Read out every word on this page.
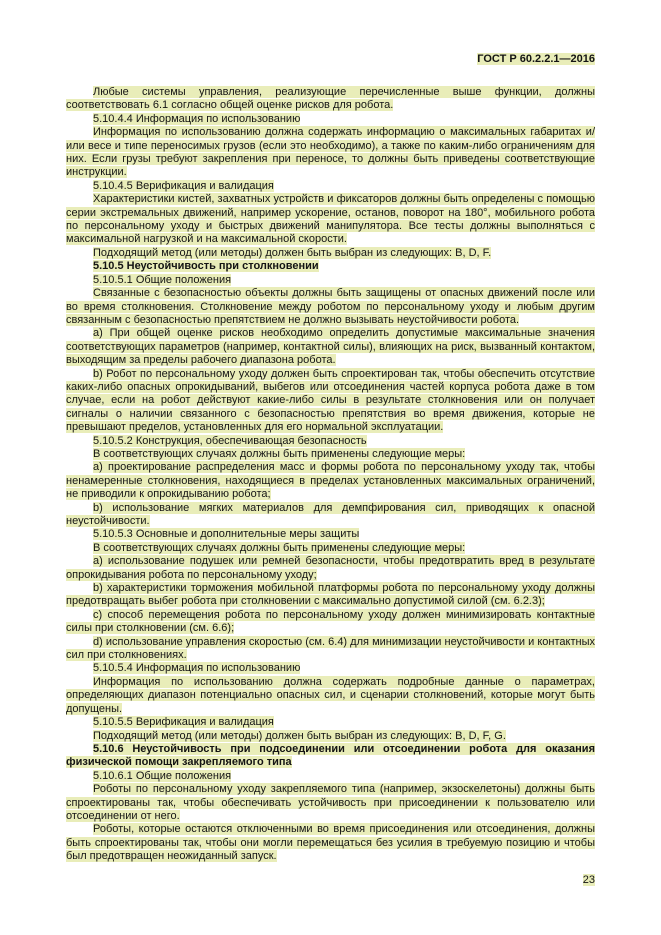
ГОСТ Р 60.2.2.1—2016

Любые системы управления, реализующие перечисленные выше функции, должны соответствовать 6.1 согласно общей оценке рисков для робота.

5.10.4.4 Информация по использованию

Информация по использованию должна содержать информацию о максимальных габаритах и/или весе и типе переносимых грузов (если это необходимо), а также по каким-либо ограничениям для них. Если грузы требуют закрепления при переносе, то должны быть приведены соответствующие инструкции.

5.10.4.5 Верификация и валидация

Характеристики кистей, захватных устройств и фиксаторов должны быть определены с помощью серии экстремальных движений, например ускорение, останов, поворот на 180°, мобильного робота по персональному уходу и быстрых движений манипулятора. Все тесты должны выполняться с максимальной нагрузкой и на максимальной скорости.

Подходящий метод (или методы) должен быть выбран из следующих: B, D, F.

5.10.5 Неустойчивость при столкновении

5.10.5.1 Общие положения

Связанные с безопасностью объекты должны быть защищены от опасных движений после или во время столкновения. Столкновение между роботом по персональному уходу и любым другим связанным с безопасностью препятствием не должно вызывать неустойчивости робота.

a) При общей оценке рисков необходимо определить допустимые максимальные значения соответствующих параметров (например, контактной силы), влияющих на риск, вызванный контактом, выходящим за пределы рабочего диапазона робота.

b) Робот по персональному уходу должен быть спроектирован так, чтобы обеспечить отсутствие каких-либо опасных опрокидываний, выбегов или отсоединения частей корпуса робота даже в том случае, если на робот действуют какие-либо силы в результате столкновения или он получает сигналы о наличии связанного с безопасностью препятствия во время движения, которые не превышают пределов, установленных для его нормальной эксплуатации.

5.10.5.2 Конструкция, обеспечивающая безопасность

В соответствующих случаях должны быть применены следующие меры:

a) проектирование распределения масс и формы робота по персональному уходу так, чтобы ненамеренные столкновения, находящиеся в пределах установленных максимальных ограничений, не приводили к опрокидыванию робота;

b) использование мягких материалов для демпфирования сил, приводящих к опасной неустойчивости.

5.10.5.3 Основные и дополнительные меры защиты

В соответствующих случаях должны быть применены следующие меры:

a) использование подушек или ремней безопасности, чтобы предотвратить вред в результате опрокидывания робота по персональному уходу;

b) характеристики торможения мобильной платформы робота по персональному уходу должны предотвращать выбег робота при столкновении с максимально допустимой силой (см. 6.2.3);

c) способ перемещения робота по персональному уходу должен минимизировать контактные силы при столкновении (см. 6.6);

d) использование управления скоростью (см. 6.4) для минимизации неустойчивости и контактных сил при столкновениях.

5.10.5.4 Информация по использованию

Информация по использованию должна содержать подробные данные о параметрах, определяющих диапазон потенциально опасных сил, и сценарии столкновений, которые могут быть допущены.

5.10.5.5 Верификация и валидация

Подходящий метод (или методы) должен быть выбран из следующих: B, D, F, G.

5.10.6 Неустойчивость при подсоединении или отсоединении робота для оказания физической помощи закрепляемого типа

5.10.6.1 Общие положения

Роботы по персональному уходу закрепляемого типа (например, экзоскелетоны) должны быть спроектированы так, чтобы обеспечивать устойчивость при присоединении к пользователю или отсоединении от него.

Роботы, которые остаются отключенными во время присоединения или отсоединения, должны быть спроектированы так, чтобы они могли перемещаться без усилия в требуемую позицию и чтобы был предотвращен неожиданный запуск.

23
